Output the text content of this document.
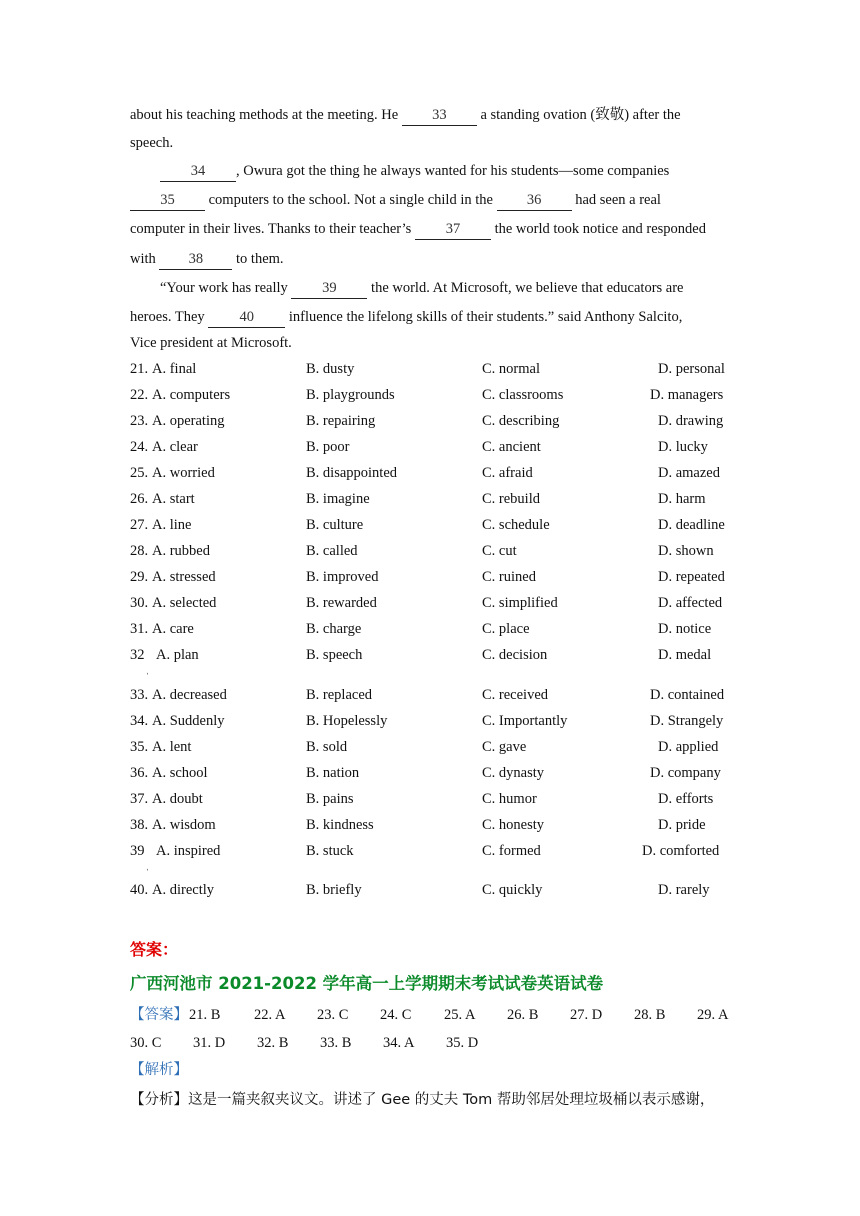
about his teaching methods at the meeting. He 33 a standing ovation (致敬) after the
speech.
34 , Owura got the thing he always wanted for his students—some companies
35 computers to the school. Not a single child in the 36 had seen a real
computer in their lives. Thanks to their teacher’s 37 the world took notice and responded
with 38 to them.
“Your work has really 39 the world. At Microsoft, we believe that educators are
heroes. They 40 influence the lifelong skills of their students.” said Anthony Salcito,
Vice president at Microsoft.
21. A. final	B. dusty	C. normal	D. personal
22. A. computers	B. playgrounds	C. classrooms	D. managers
23. A. operating	B. repairing	C. describing	D. drawing
24. A. clear	B. poor	C. ancient	D. lucky
25. A. worried	B. disappointed	C. afraid	D. amazed
26. A. start	B. imagine	C. rebuild	D. harm
27. A. line	B. culture	C. schedule	D. deadline
28. A. rubbed	B. called	C. cut	D. shown
29. A. stressed	B. improved	C. ruined	D. repeated
30. A. selected	B. rewarded	C. simplified	D. affected
31. A. care	B. charge	C. place	D. notice
32 A. plan	B. speech	C. decision	D. medal
ˌ
33. A. decreased	B. replaced	C. received	D. contained
34. A. Suddenly	B. Hopelessly	C. Importantly	D. Strangely
35. A. lent	B. sold	C. gave	D. applied
36. A. school	B. nation	C. dynasty	D. company
37. A. doubt	B. pains	C. humor	D. efforts
38. A. wisdom	B. kindness	C. honesty	D. pride
39 A. inspired	B. stuck	C. formed	D. comforted
ˌ
40. A. directly	B. briefly	C. quickly	D. rarely
答案：
广西河池市 2021-2022 学年高一上学期期末考试试卷英语试卷
【答案】 21. B 22. A 23. C 24. C 25. A 26. B 27. D 28. B 29. A
30. C 31. D 32. B 33. B 34. A 35. D
【解析】
【分析】这是一篇夹叙夹议文。讲述了 Gee 的丈夫 Tom 帮助邻居处理垃圾桶以表示感谢，
